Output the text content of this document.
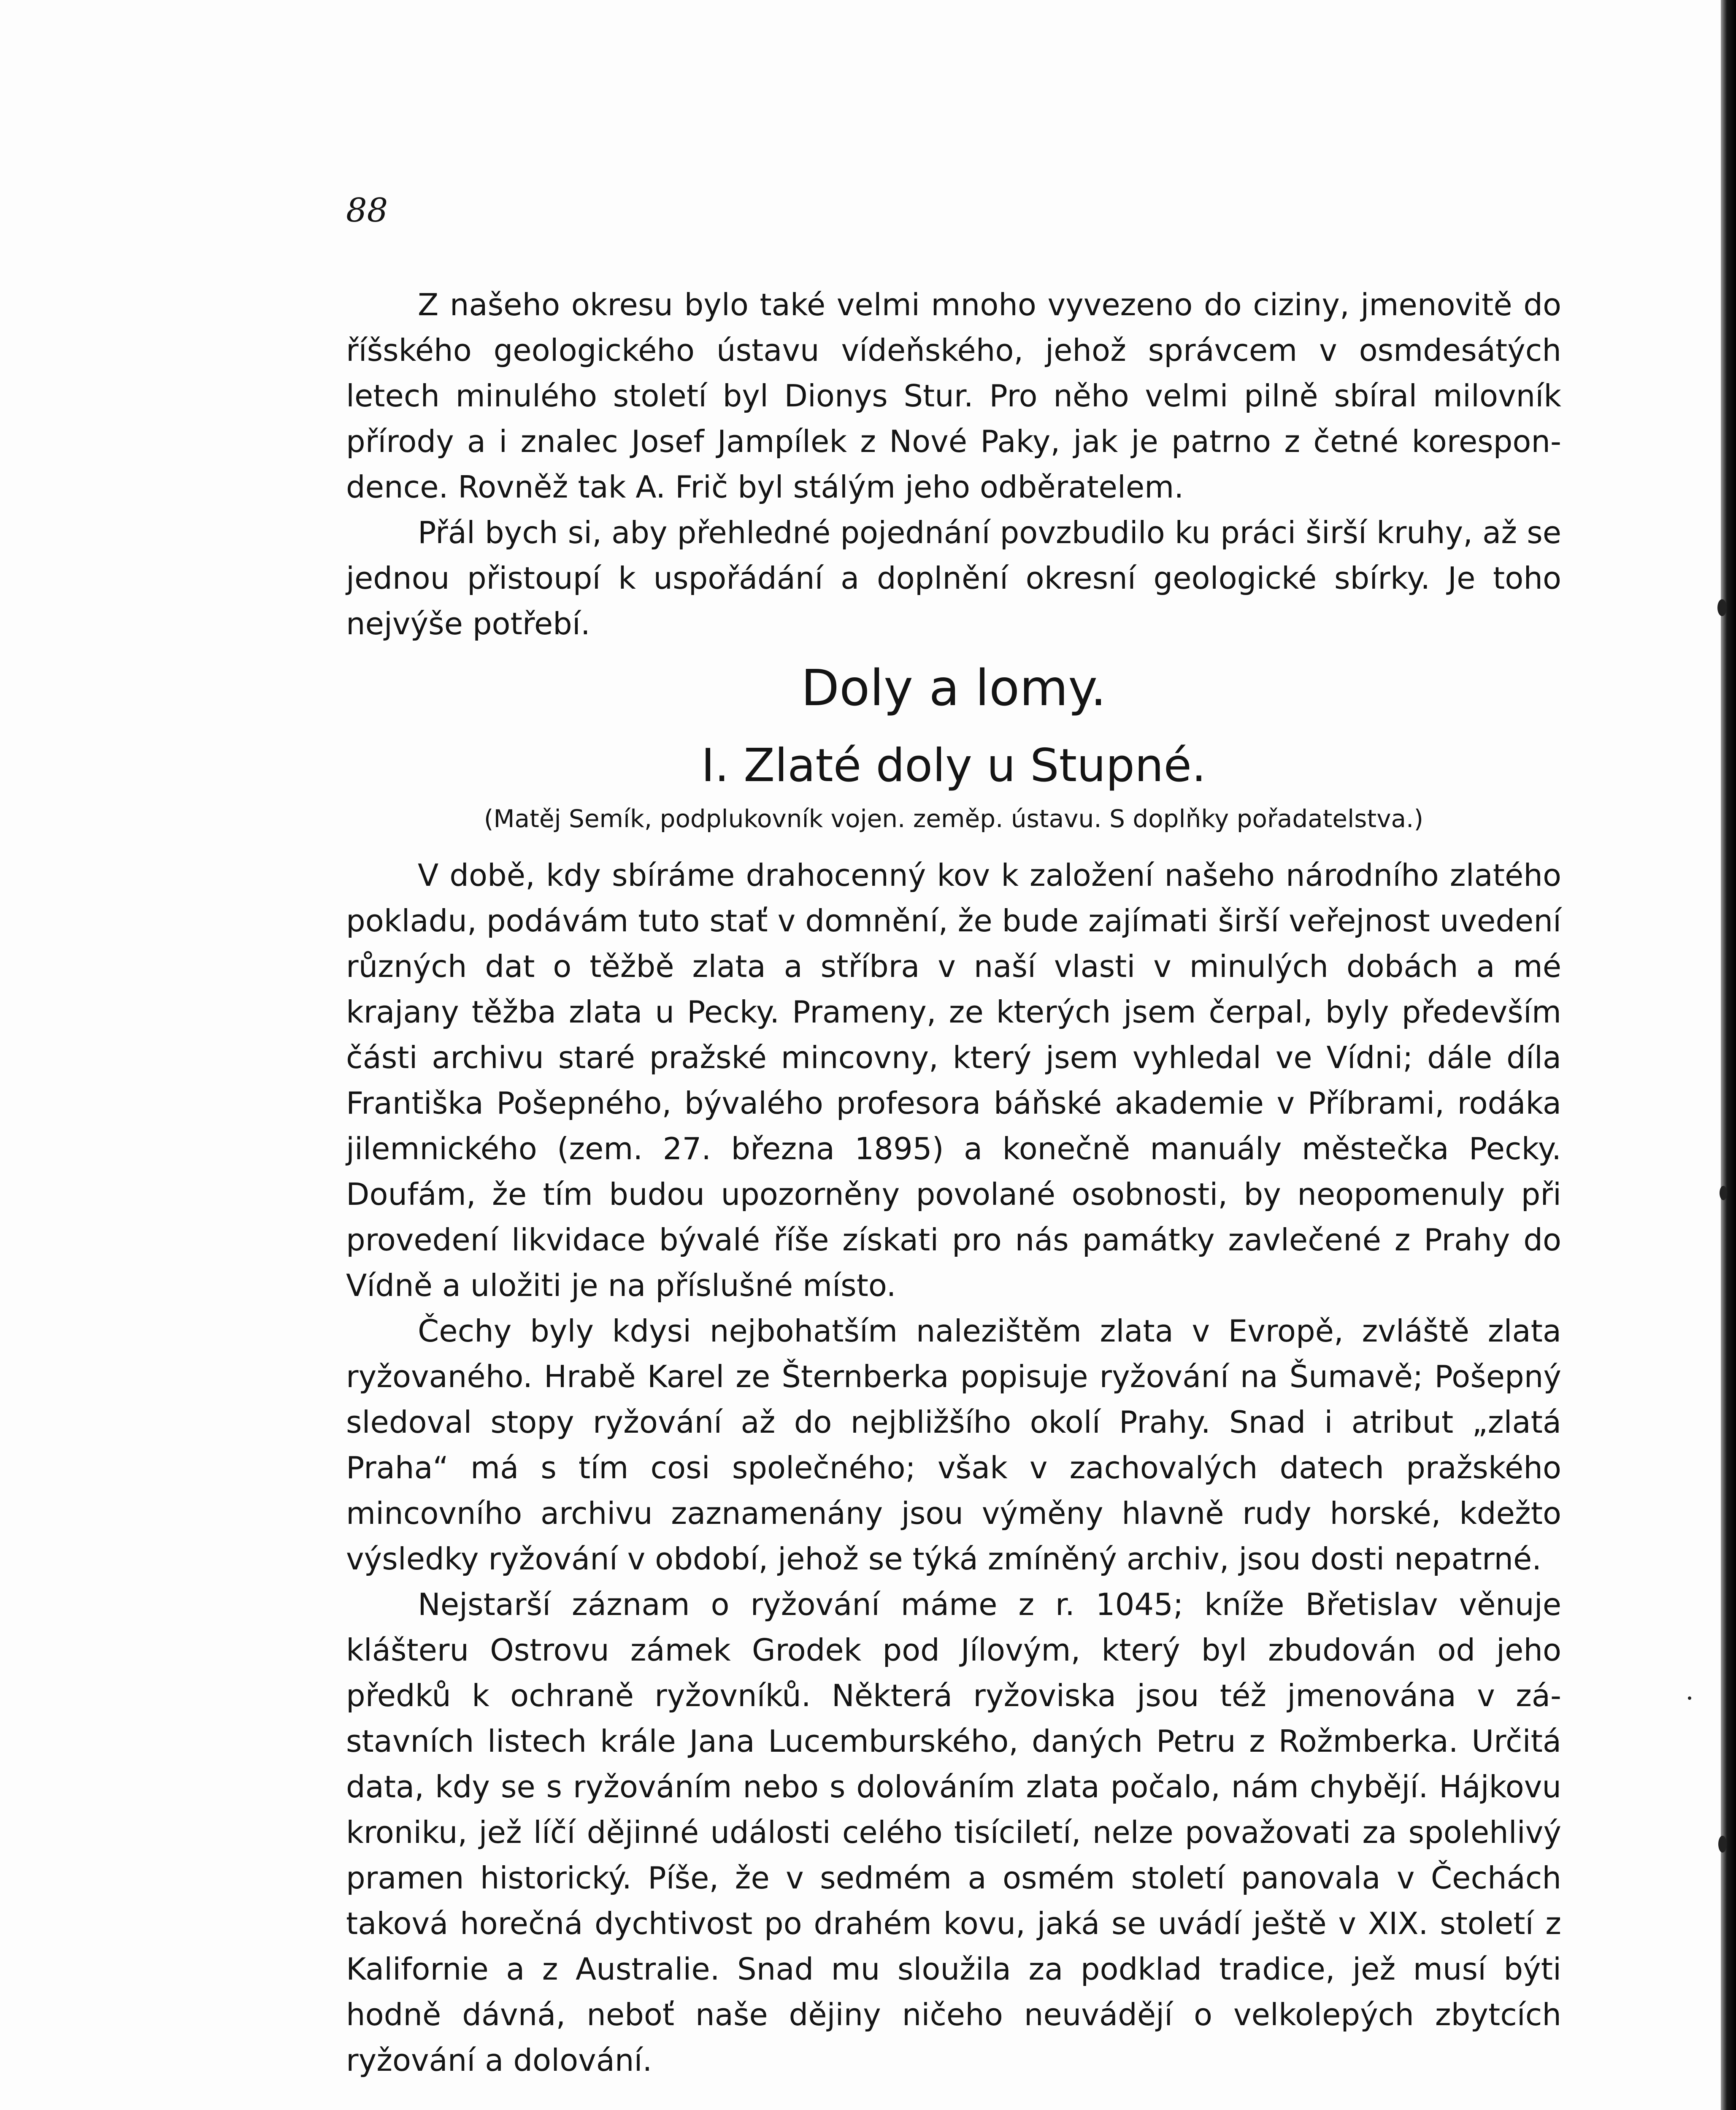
88

Z našeho okresu bylo také velmi mnoho vyvezeno do ciziny, jmenovitě do říšského geologického ústavu vídeňského, jehož správcem v osmdesátých letech minulého století byl Dionys Stur. Pro něho velmi pilně sbíral milovník přírody a i znalec Josef Jampílek z Nové Paky, jak je patrno z četné korespondence. Rovněž tak A. Frič byl stálým jeho odběratelem.

Přál bych si, aby přehledné pojednání povzbudilo ku práci širší kruhy, až se jednou přistoupí k uspořádání a doplnění okresní geologické sbírky. Je toho nejvýše potřebí.

Doly a lomy.
I. Zlaté doly u Stupné.
(Matěj Semík, podplukovník vojen. zeměp. ústavu. S doplňky pořadatelstva.)

V době, kdy sbíráme drahocenný kov k založení našeho národního zlatého pokladu, podávám tuto stať v domnění, že bude zajímati širší veřejnost uvedení různých dat o těžbě zlata a stříbra v naší vlasti v minulých dobách a mé krajany těžba zlata u Pecky. Prameny, ze kterých jsem čerpal, byly především části archivu staré pražské mincovny, který jsem vyhledal ve Vídni; dále díla Františka Pošepného, bývalého profesora báňské akademie v Příbrami, rodáka jilemnického (zem. 27. března 1895) a konečně manuály městečka Pecky. Doufám, že tím budou upozorněny povolané osobnosti, by neopomenuly při provedení likvidace bývalé říše získati pro nás památky zavlečené z Prahy do Vídně a uložiti je na příslušné místo.

Čechy byly kdysi nejbohatším nalezištěm zlata v Evropě, zvláště zlata ryžovaného. Hrabě Karel ze Šternberka popisuje ryžování na Šumavě; Pošepný sledoval stopy ryžování až do nejbližšího okolí Prahy. Snad i atribut „zlatá Praha“ má s tím cosi společného; však v zachovalých datech pražského mincovního archivu zaznamenány jsou výměny hlavně rudy horské, kdežto výsledky ryžování v období, jehož se týká zmíněný archiv, jsou dosti nepatrné.

Nejstarší záznam o ryžování máme z r. 1045; kníže Břetislav věnuje klášteru Ostrovu zámek Grodek pod Jílovým, který byl zbudován od jeho předků k ochraně ryžovníků. Některá ryžoviska jsou též jmenována v zástavních listech krále Jana Lucemburského, daných Petru z Rožmberka. Určitá data, kdy se s ryžováním nebo s dolováním zlata počalo, nám chybějí. Hájkovu kroniku, jež líčí dějinné události celého tisíciletí, nelze považovati za spolehlivý pramen historický. Píše, že v sedmém a osmém století panovala v Čechách taková horečná dychtivost po drahém kovu, jaká se uvádí ještě v XIX. století z Kalifornie a z Australie. Snad mu sloužila za podklad tradice, jež musí býti hodně dávná, neboť naše dějiny ničeho neuvádějí o velkolepých zbytcích ryžování a dolování.
